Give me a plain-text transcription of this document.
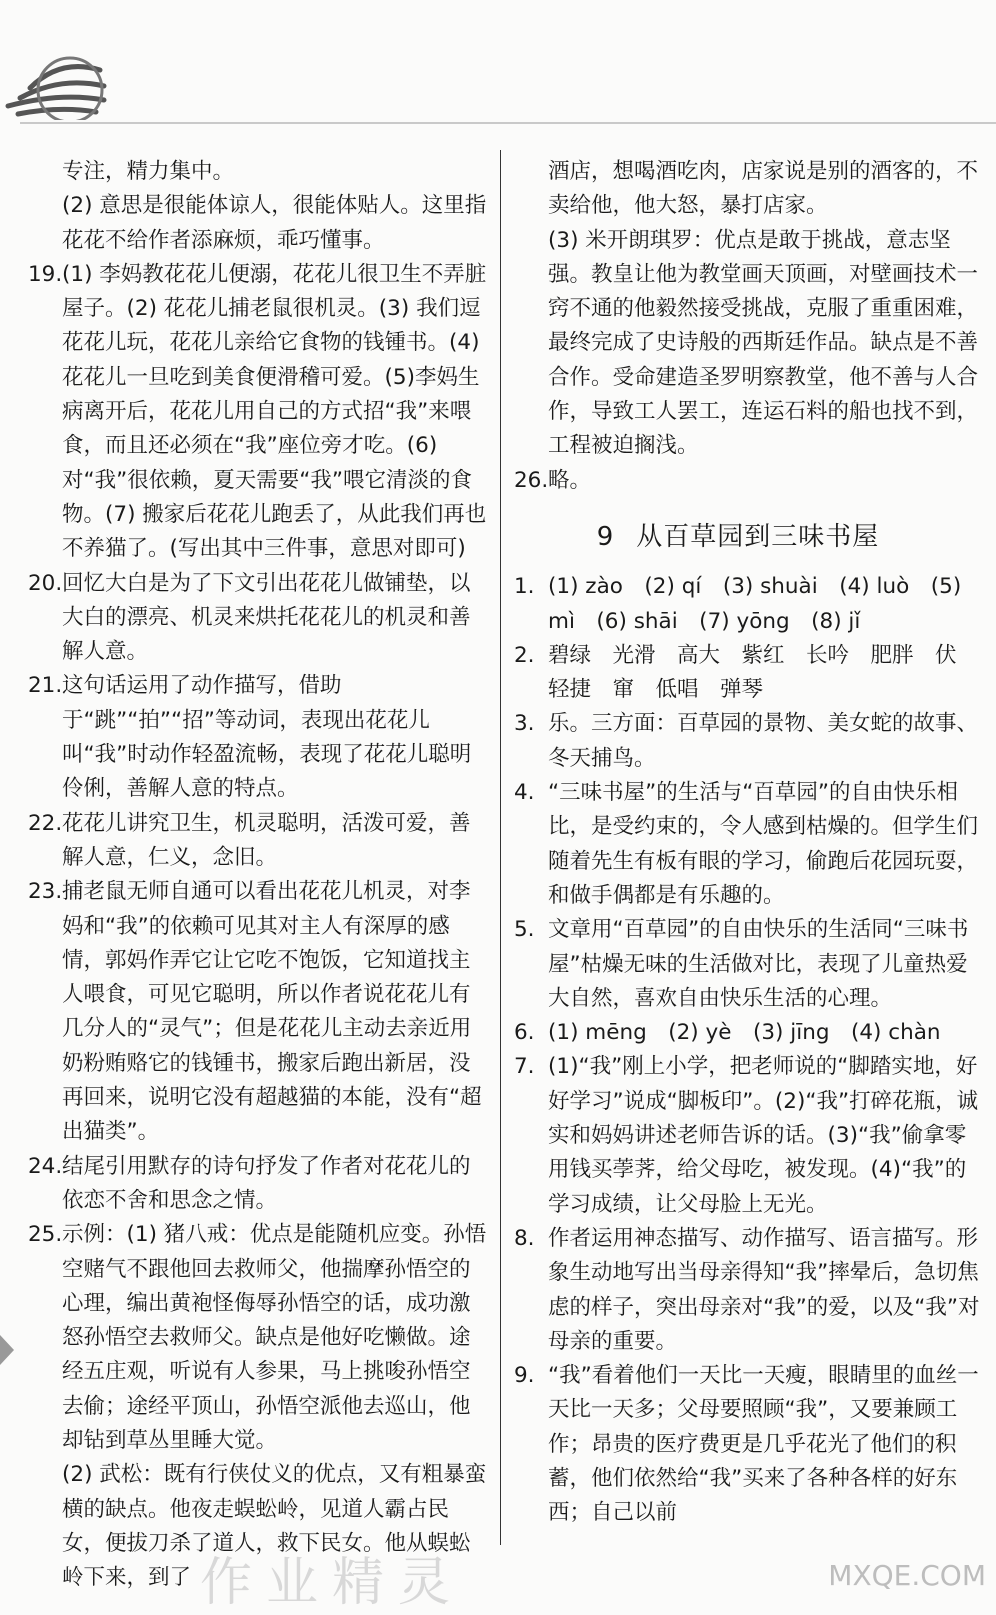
专注，精力集中。
(2) 意思是很能体谅人，很能体贴人。这里指花花不给作者添麻烦，乖巧懂事。
19. (1) 李妈教花花儿便溺，花花儿很卫生不弄脏屋子。(2) 花花儿捕老鼠很机灵。(3) 我们逗花花儿玩，花花儿亲给它食物的钱锺书。(4) 花花儿一旦吃到美食便滑稽可爱。(5)李妈生病离开后，花花儿用自己的方式招“我”来喂食，而且还必须在“我”座位旁才吃。(6) 对“我”很依赖，夏天需要“我”喂它清淡的食物。(7) 搬家后花花儿跑丢了，从此我们再也不养猫了。(写出其中三件事，意思对即可)
20. 回忆大白是为了下文引出花花儿做铺垫，以大白的漂亮、机灵来烘托花花儿的机灵和善解人意。
21. 这句话运用了动作描写，借助于“跳”“拍”“招”等动词，表现出花花儿叫“我”时动作轻盈流畅，表现了花花儿聪明伶俐，善解人意的特点。
22. 花花儿讲究卫生，机灵聪明，活泼可爱，善解人意，仁义，念旧。
23. 捕老鼠无师自通可以看出花花儿机灵，对李妈和“我”的依赖可见其对主人有深厚的感情，郭妈作弄它让它吃不饱饭，它知道找主人喂食，可见它聪明，所以作者说花花儿有几分人的“灵气”；但是花花儿主动去亲近用奶粉贿赂它的钱锺书，搬家后跑出新居，没再回来，说明它没有超越猫的本能，没有“超出猫类”。
24. 结尾引用默存的诗句抒发了作者对花花儿的依恋不舍和思念之情。
25. 示例：(1) 猪八戒：优点是能随机应变。孙悟空赌气不跟他回去救师父，他揣摩孙悟空的心理，编出黄袍怪侮辱孙悟空的话，成功激怒孙悟空去救师父。缺点是他好吃懒做。途经五庄观，听说有人参果，马上挑唆孙悟空去偷；途经平顶山，孙悟空派他去巡山，他却钻到草丛里睡大觉。
(2) 武松：既有行侠仗义的优点，又有粗暴蛮横的缺点。他夜走蜈蚣岭，见道人霸占民女，便拔刀杀了道人，救下民女。他从蜈蚣岭下来，到了
酒店，想喝酒吃肉，店家说是别的酒客的，不卖给他，他大怒，暴打店家。
(3) 米开朗琪罗：优点是敢于挑战，意志坚强。教皇让他为教堂画天顶画，对壁画技术一窍不通的他毅然接受挑战，克服了重重困难，最终完成了史诗般的西斯廷作品。缺点是不善合作。受命建造圣罗明察教堂，他不善与人合作，导致工人罢工，连运石料的船也找不到，工程被迫搁浅。
26. 略。
9 从百草园到三味书屋
1. (1) zào　(2) qí　(3) shuài　(4) luò　(5) mì　(6) shāi　(7) yōng　(8) jǐ
2. 碧绿　光滑　高大　紫红　长吟　肥胖　伏　轻捷　窜　低唱　弹琴
3. 乐。三方面：百草园的景物、美女蛇的故事、冬天捕鸟。
4. “三味书屋”的生活与“百草园”的自由快乐相比，是受约束的，令人感到枯燥的。但学生们随着先生有板有眼的学习，偷跑后花园玩耍，和做手偶都是有乐趣的。
5. 文章用“百草园”的自由快乐的生活同“三味书屋”枯燥无味的生活做对比，表现了儿童热爱大自然，喜欢自由快乐生活的心理。
6. (1) mēng　(2) yè　(3) jīng　(4) chàn
7. (1)“我”刚上小学，把老师说的“脚踏实地，好好学习”说成“脚板印”。(2)“我”打碎花瓶，诚实和妈妈讲述老师告诉的话。(3)“我”偷拿零用钱买荸荠，给父母吃，被发现。(4)“我”的学习成绩，让父母脸上无光。
8. 作者运用神态描写、动作描写、语言描写。形象生动地写出当母亲得知“我”摔晕后，急切焦虑的样子，突出母亲对“我”的爱，以及“我”对母亲的重要。
9. “我”看着他们一天比一天瘦，眼睛里的血丝一天比一天多；父母要照顾“我”，又要兼顾工作；昂贵的医疗费更是几乎花光了他们的积蓄，他们依然给“我”买来了各种各样的好东西；自己以前
作业精灵	MXQE.COM
